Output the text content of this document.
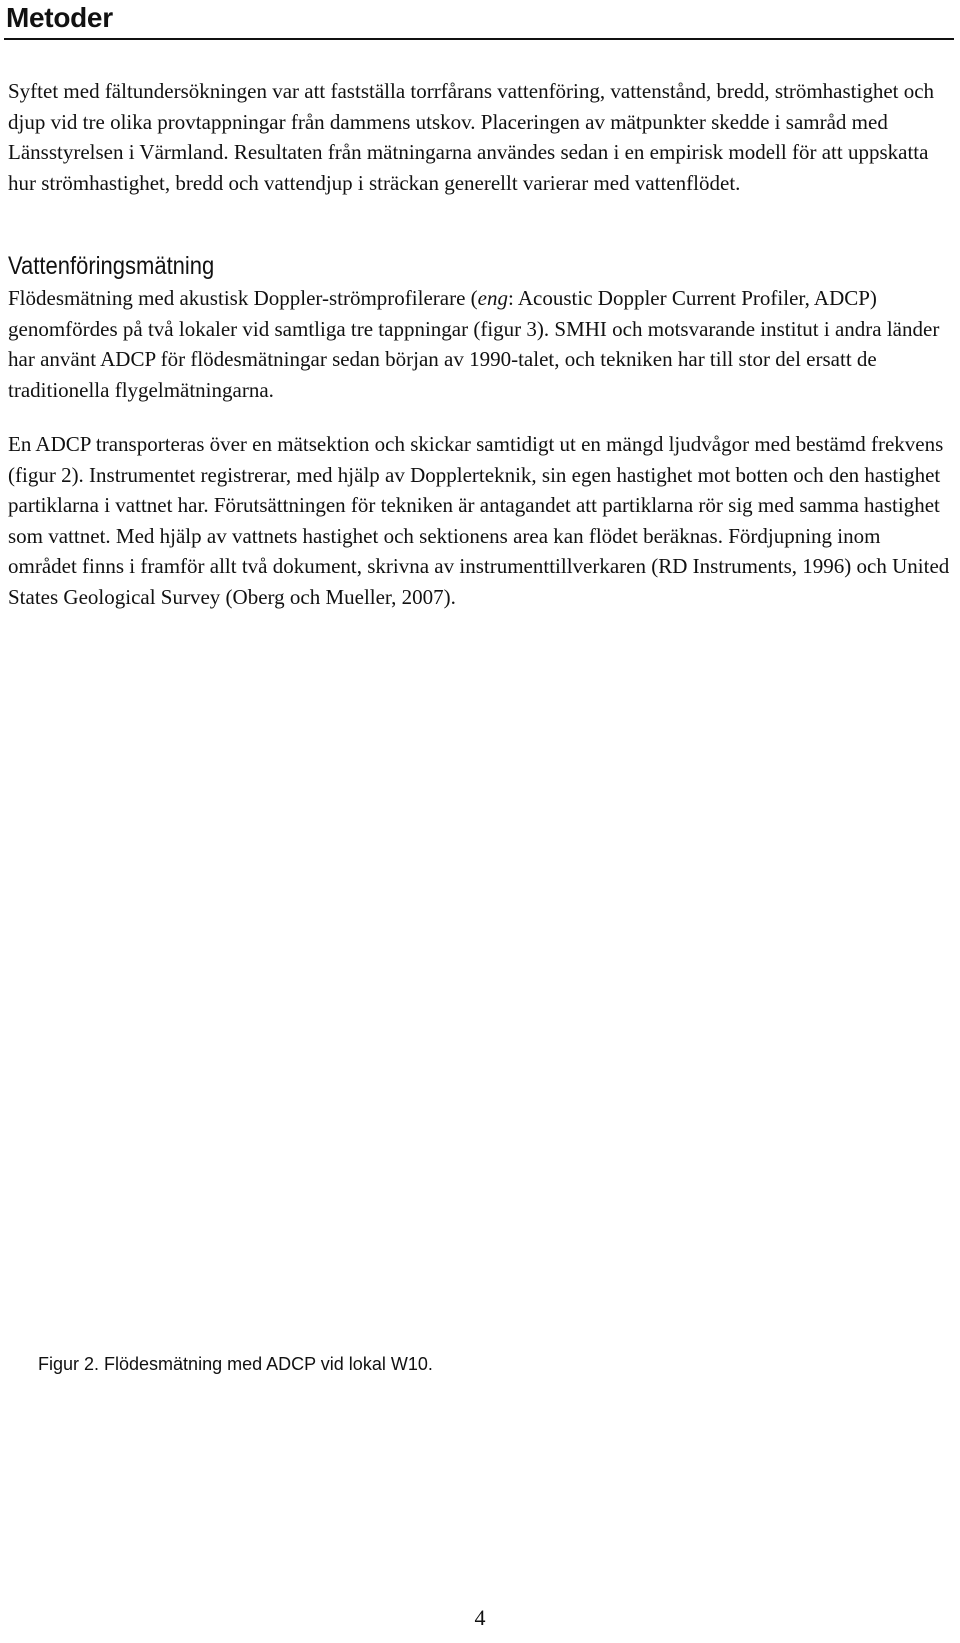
Metoder

Syftet med fältundersökningen var att fastställa torrfårans vattenföring, vattenstånd, bredd, strömhastighet och djup vid tre olika provtappningar från dammens utskov. Placeringen av mätpunkter skedde i samråd med Länsstyrelsen i Värmland. Resultaten från mätningarna användes sedan i en empirisk modell för att uppskatta hur strömhastighet, bredd och vattendjup i sträckan generellt varierar med vattenflödet.

Vattenföringsmätning

Flödesmätning med akustisk Doppler-strömprofilerare (eng: Acoustic Doppler Current Profiler, ADCP) genomfördes på två lokaler vid samtliga tre tappningar (figur 3). SMHI och motsvarande institut i andra länder har använt ADCP för flödesmätningar sedan början av 1990-talet, och tekniken har till stor del ersatt de traditionella flygelmätningarna.

En ADCP transporteras över en mätsektion och skickar samtidigt ut en mängd ljudvågor med bestämd frekvens (figur 2). Instrumentet registrerar, med hjälp av Dopplerteknik, sin egen hastighet mot botten och den hastighet partiklarna i vattnet har. Förutsättningen för tekniken är antagandet att partiklarna rör sig med samma hastighet som vattnet. Med hjälp av vattnets hastighet och sektionens area kan flödet beräknas. Fördjupning inom området finns i framför allt två dokument, skrivna av instrumenttillverkaren (RD Instruments, 1996) och United States Geological Survey (Oberg och Mueller, 2007).

Figur 2. Flödesmätning med ADCP vid lokal W10.

4
